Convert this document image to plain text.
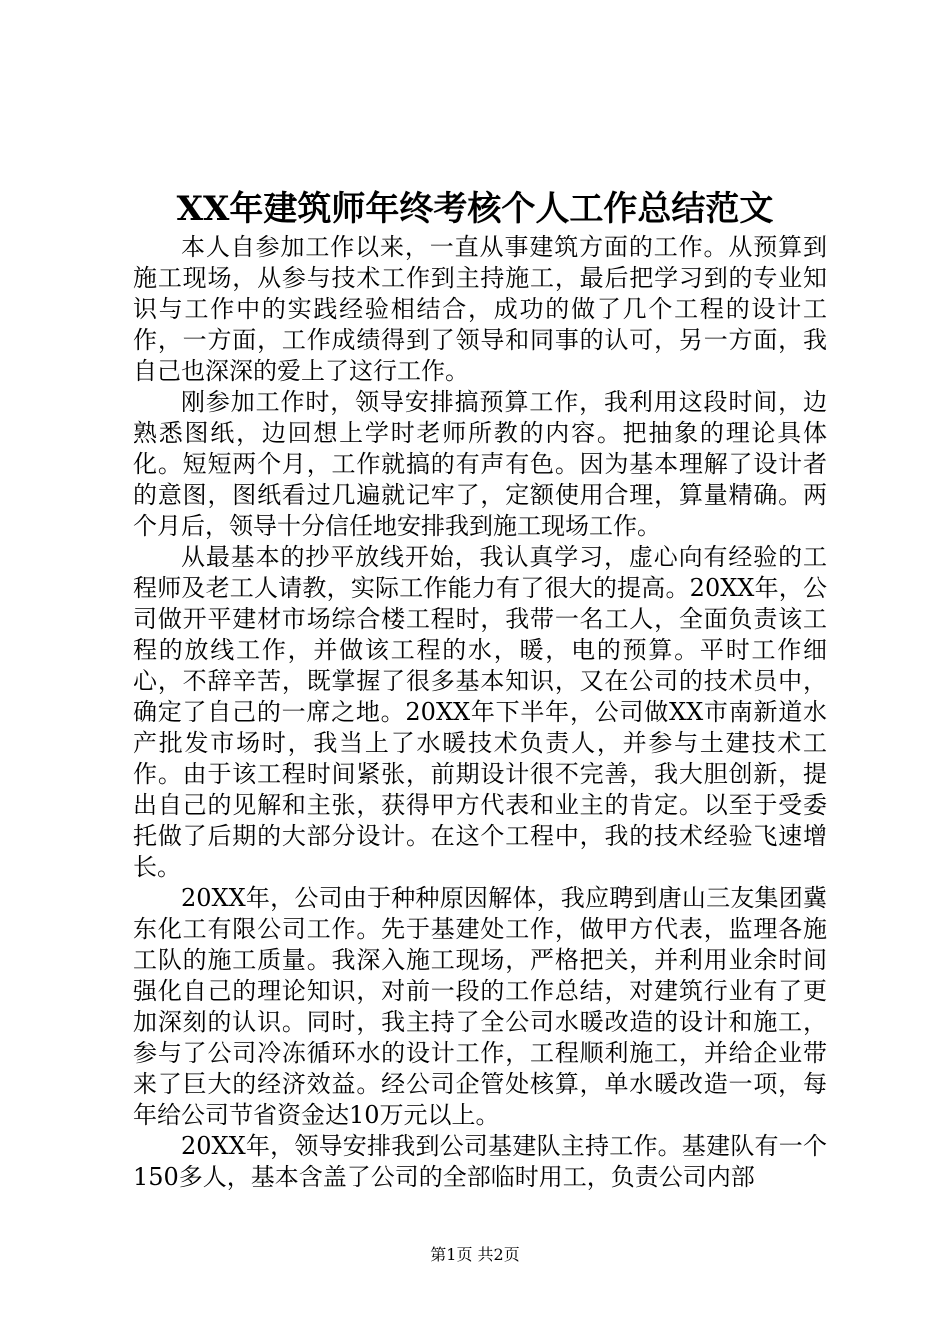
XX年建筑师年终考核个人工作总结范文

本人自参加工作以来，一直从事建筑方面的工作。从预算到施工现场，从参与技术工作到主持施工，最后把学习到的专业知识与工作中的实践经验相结合，成功的做了几个工程的设计工作，一方面，工作成绩得到了领导和同事的认可，另一方面，我自己也深深的爱上了这行工作。

刚参加工作时，领导安排搞预算工作，我利用这段时间，边熟悉图纸，边回想上学时老师所教的内容。把抽象的理论具体化。短短两个月，工作就搞的有声有色。因为基本理解了设计者的意图，图纸看过几遍就记牢了，定额使用合理，算量精确。两个月后，领导十分信任地安排我到施工现场工作。

从最基本的抄平放线开始，我认真学习，虚心向有经验的工程师及老工人请教，实际工作能力有了很大的提高。20XX年，公司做开平建材市场综合楼工程时，我带一名工人，全面负责该工程的放线工作，并做该工程的水，暖，电的预算。平时工作细心，不辞辛苦，既掌握了很多基本知识，又在公司的技术员中，确定了自己的一席之地。20XX年下半年，公司做XX市南新道水产批发市场时，我当上了水暖技术负责人，并参与土建技术工作。由于该工程时间紧张，前期设计很不完善，我大胆创新，提出自己的见解和主张，获得甲方代表和业主的肯定。以至于受委托做了后期的大部分设计。在这个工程中，我的技术经验飞速增长。

20XX年，公司由于种种原因解体，我应聘到唐山三友集团冀东化工有限公司工作。先于基建处工作，做甲方代表，监理各施工队的施工质量。我深入施工现场，严格把关，并利用业余时间强化自己的理论知识，对前一段的工作总结，对建筑行业有了更加深刻的认识。同时，我主持了全公司水暖改造的设计和施工，参与了公司冷冻循环水的设计工作，工程顺利施工，并给企业带来了巨大的经济效益。经公司企管处核算，单水暖改造一项，每年给公司节省资金达10万元以上。

20XX年，领导安排我到公司基建队主持工作。基建队有一个150多人，基本含盖了公司的全部临时用工，负责公司内部

第1页 共2页
